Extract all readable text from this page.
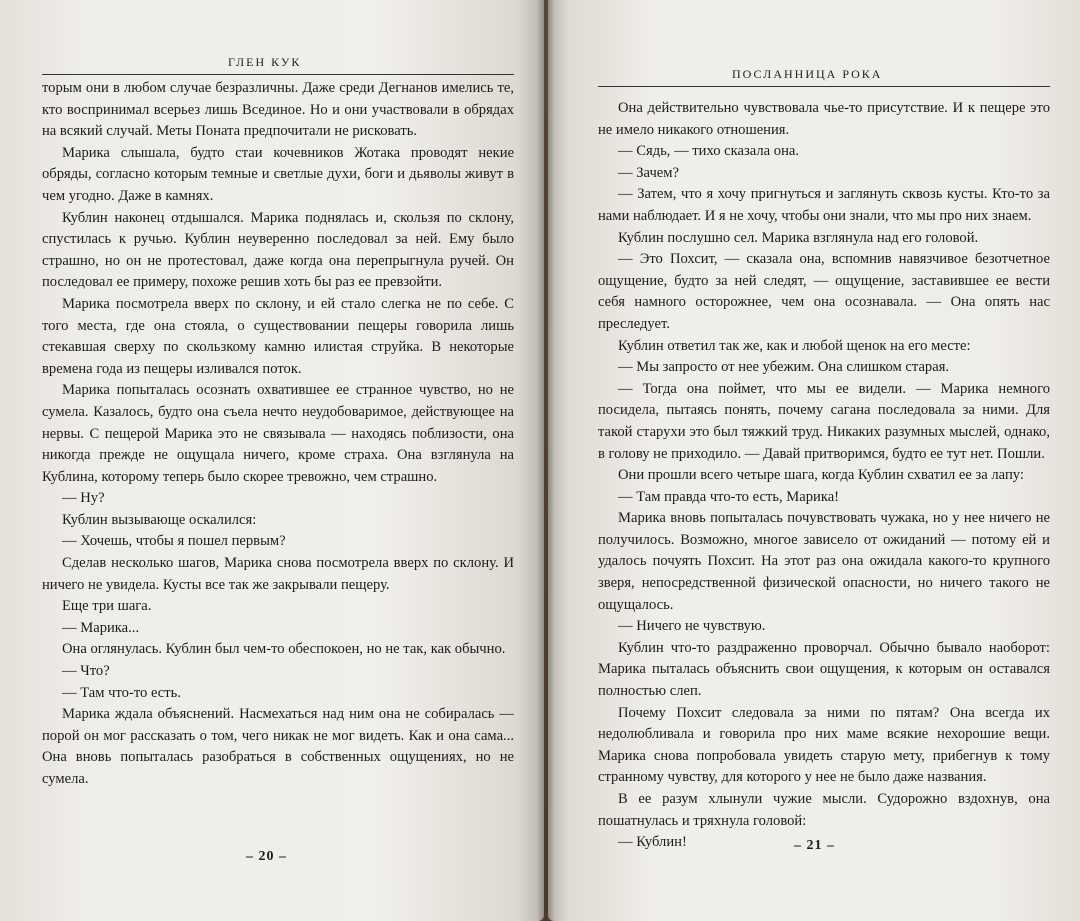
ГЛЕН КУК

торым они в любом случае безразличны. Даже среди Дегнанов имелись те, кто воспринимал всерьез лишь Всединое. Но и они участвовали в обрядах на всякий случай. Меты Поната предпочитали не рисковать.

Марика слышала, будто стаи кочевников Жотака проводят некие обряды, согласно которым темные и светлые духи, боги и дьяволы живут в чем угодно. Даже в камнях.

Кублин наконец отдышался. Марика поднялась и, скользя по склону, спустилась к ручью. Кублин неуверенно последовал за ней. Ему было страшно, но он не протестовал, даже когда она перепрыгнула ручей. Он последовал ее примеру, похоже решив хоть бы раз ее превзойти.

Марика посмотрела вверх по склону, и ей стало слегка не по себе. С того места, где она стояла, о существовании пещеры говорила лишь стекавшая сверху по скользкому камню илистая струйка. В некоторые времена года из пещеры изливался поток.

Марика попыталась осознать охватившее ее странное чувство, но не сумела. Казалось, будто она съела нечто неудобоваримое, действующее на нервы. С пещерой Марика это не связывала — находясь поблизости, она никогда прежде не ощущала ничего, кроме страха. Она взглянула на Кублина, которому теперь было скорее тревожно, чем страшно.

— Ну?

Кублин вызывающе оскалился:

— Хочешь, чтобы я пошел первым?

Сделав несколько шагов, Марика снова посмотрела вверх по склону. И ничего не увидела. Кусты все так же закрывали пещеру.

Еще три шага.

— Марика...

Она оглянулась. Кублин был чем-то обеспокоен, но не так, как обычно.

— Что?

— Там что-то есть.

Марика ждала объяснений. Насмехаться над ним она не собиралась — порой он мог рассказать о том, чего никак не мог видеть. Как и она сама... Она вновь попыталась разобраться в собственных ощущениях, но не сумела.

– 20 –
ПОСЛАННИЦА РОКА

Она действительно чувствовала чье-то присутствие. И к пещере это не имело никакого отношения.

— Сядь, — тихо сказала она.

— Зачем?

— Затем, что я хочу пригнуться и заглянуть сквозь кусты. Кто-то за нами наблюдает. И я не хочу, чтобы они знали, что мы про них знаем.

Кублин послушно сел. Марика взглянула над его головой.

— Это Похсит, — сказала она, вспомнив навязчивое безотчетное ощущение, будто за ней следят, — ощущение, заставившее ее вести себя намного осторожнее, чем она осознавала. — Она опять нас преследует.

Кублин ответил так же, как и любой щенок на его месте:

— Мы запросто от нее убежим. Она слишком старая.

— Тогда она поймет, что мы ее видели. — Марика немного посидела, пытаясь понять, почему сагана последовала за ними. Для такой старухи это был тяжкий труд. Никаких разумных мыслей, однако, в голову не приходило. — Давай притворимся, будто ее тут нет. Пошли.

Они прошли всего четыре шага, когда Кублин схватил ее за лапу:

— Там правда что-то есть, Марика!

Марика вновь попыталась почувствовать чужака, но у нее ничего не получилось. Возможно, многое зависело от ожиданий — потому ей и удалось почуять Похсит. На этот раз она ожидала какого-то крупного зверя, непосредственной физической опасности, но ничего такого не ощущалось.

— Ничего не чувствую.

Кублин что-то раздраженно проворчал. Обычно бывало наоборот: Марика пыталась объяснить свои ощущения, к которым он оставался полностью слеп.

Почему Похсит следовала за ними по пятам? Она всегда их недолюбливала и говорила про них маме всякие нехорошие вещи. Марика снова попробовала увидеть старую мету, прибегнув к тому странному чувству, для которого у нее не было даже названия.

В ее разум хлынули чужие мысли. Судорожно вздохнув, она пошатнулась и тряхнула головой:

— Кублин!	– 21 –
